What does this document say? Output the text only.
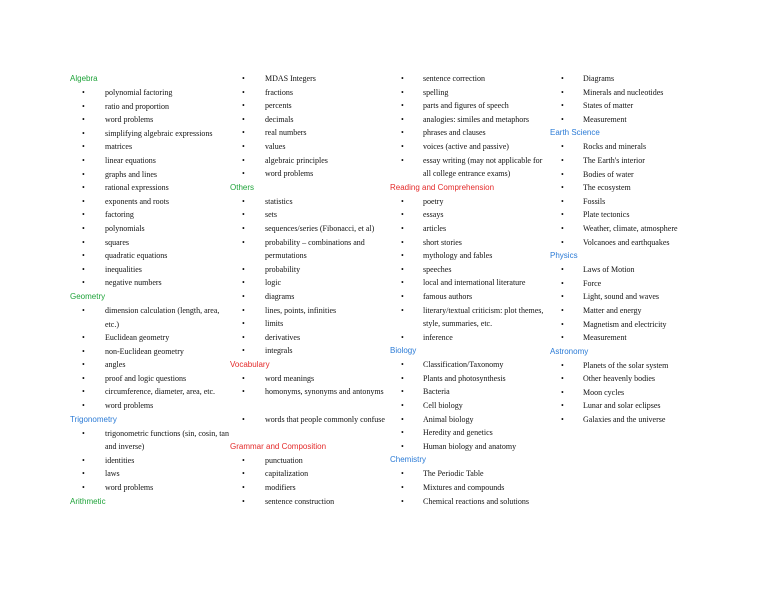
Algebra
•	polynomial factoring
•	ratio and proportion
•	word problems
•	simplifying algebraic expressions
•	matrices
•	linear equations
•	graphs and lines
•	rational expressions
•	exponents and roots
•	factoring
•	polynomials
•	squares
•	quadratic equations
•	inequalities
•	negative numbers
Geometry
•	dimension calculation (length, area, etc.)
•	Euclidean geometry
•	non-Euclidean geometry
•	angles
•	proof and logic questions
•	circumference, diameter, area, etc.
•	word problems
Trigonometry
•	trigonometric functions (sin, cosin, tan and inverse)
•	identities
•	laws
•	word problems
Arithmetic
•	MDAS Integers
•	fractions
•	percents
•	decimals
•	real numbers
•	values
•	algebraic principles
•	word problems
Others
•	statistics
•	sets
•	sequences/series (Fibonacci, et al)
•	probability – combinations and permutations
•	probability
•	logic
•	diagrams
•	lines, points, infinities
•	limits
•	derivatives
•	integrals
Vocabulary
•	word meanings
•	homonyms, synonyms and antonyms
•	words that people commonly confuse
Grammar and Composition
•	punctuation
•	capitalization
•	modifiers
•	sentence construction
•	sentence correction
•	spelling
•	parts and figures of speech
•	analogies: similes and metaphors
•	phrases and clauses
•	voices (active and passive)
•	essay writing (may not applicable for all college entrance exams)
Reading and Comprehension
•	poetry
•	essays
•	articles
•	short stories
•	mythology and fables
•	speeches
•	local and international literature
•	famous authors
•	literary/textual criticism: plot themes, style, summaries, etc.
•	inference
Biology
•	Classification/Taxonomy
•	Plants and photosynthesis
•	Bacteria
•	Cell biology
•	Animal biology
•	Heredity and genetics
•	Human biology and anatomy
Chemistry
•	The Periodic Table
•	Mixtures and compounds
•	Chemical reactions and solutions
•	Diagrams
•	Minerals and nucleotides
•	States of matter
•	Measurement
Earth Science
•	Rocks and minerals
•	The Earth's interior
•	Bodies of water
•	The ecosystem
•	Fossils
•	Plate tectonics
•	Weather, climate, atmosphere
•	Volcanoes and earthquakes
Physics
•	Laws of Motion
•	Force
•	Light, sound and waves
•	Matter and energy
•	Magnetism and electricity
•	Measurement
Astronomy
•	Planets of the solar system
•	Other heavenly bodies
•	Moon cycles
•	Lunar and solar eclipses
•	Galaxies and the universe
